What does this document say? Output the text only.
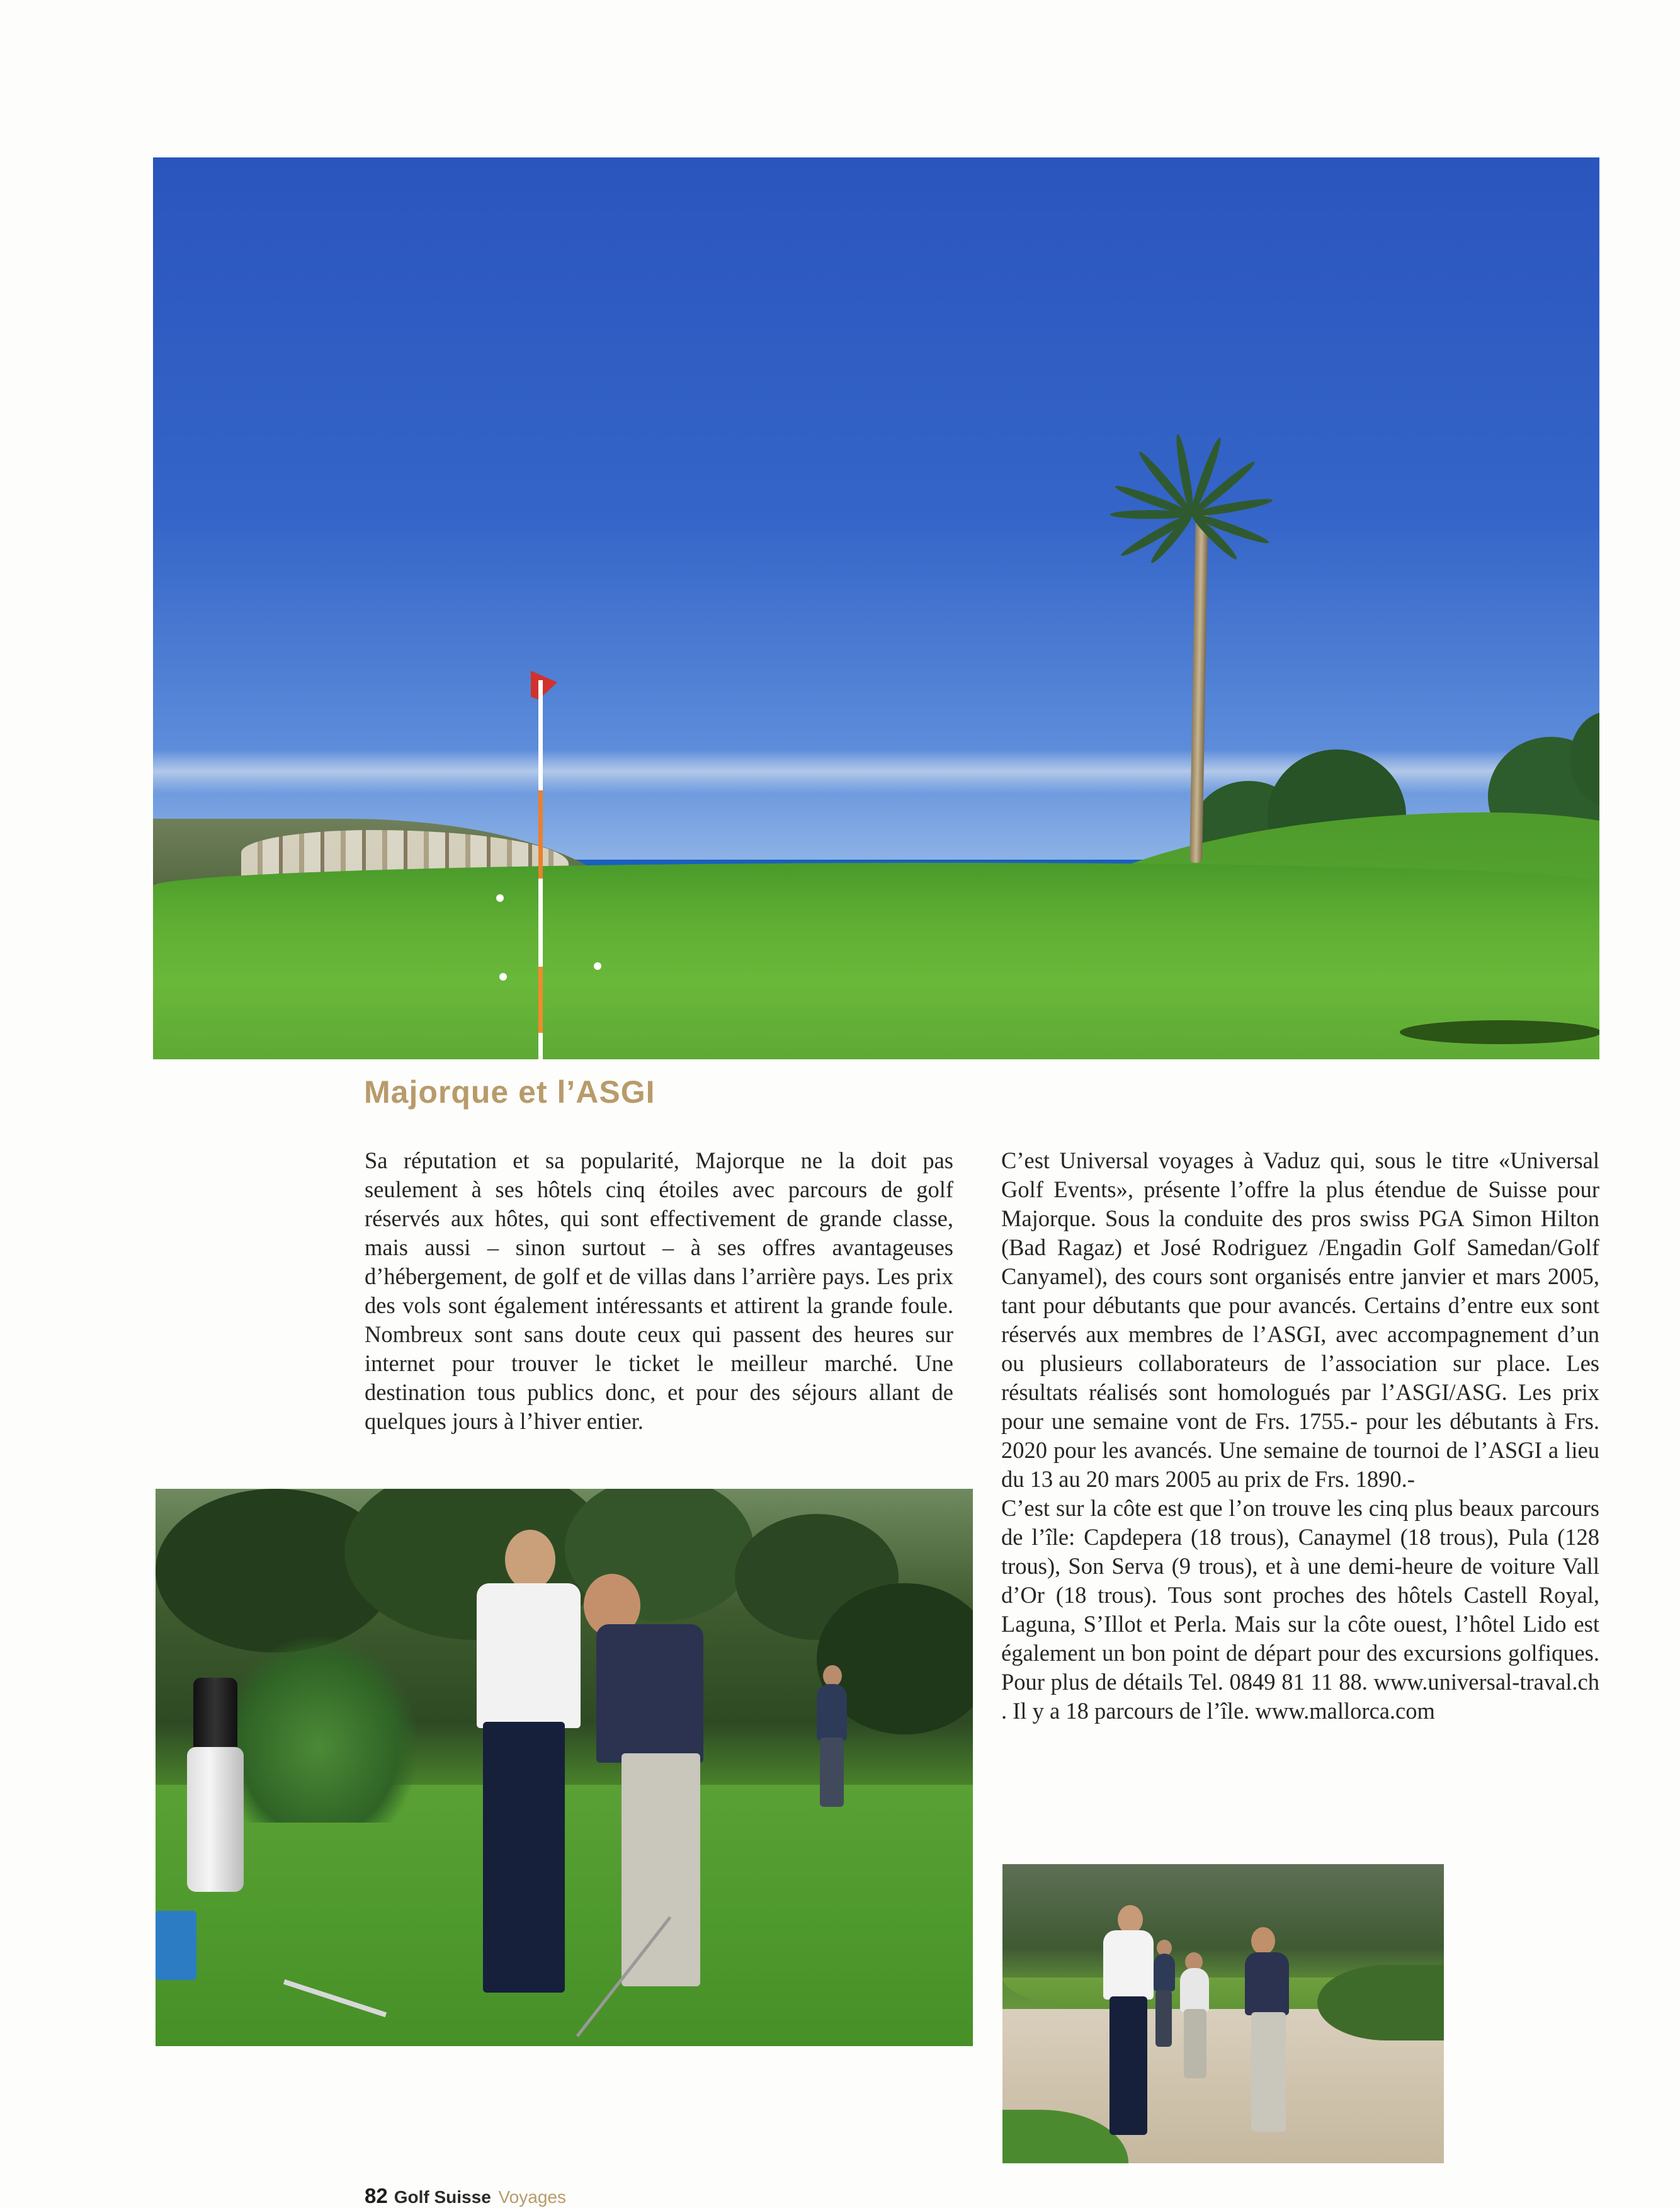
Majorque et l’ASGI

Sa réputation et sa popularité, Majorque ne la doit pas seulement à ses hôtels cinq étoiles avec parcours de golf réservés aux hôtes, qui sont effectivement de grande classe, mais aussi – sinon surtout – à ses offres avantageuses d’hébergement, de golf et de villas dans l’arrière pays. Les prix des vols sont également intéressants et attirent la grande foule. Nombreux sont sans doute ceux qui passent des heures sur internet pour trouver le ticket le meilleur marché. Une destination tous publics donc, et pour des séjours allant de quelques jours à l’hiver entier.

C’est Universal voyages à Vaduz qui, sous le titre «Universal Golf Events», présente l’offre la plus étendue de Suisse pour Majorque. Sous la conduite des pros swiss PGA Simon Hilton (Bad Ragaz) et José Rodriguez /Engadin Golf Samedan/Golf Canyamel), des cours sont organisés entre janvier et mars 2005, tant pour débutants que pour avancés. Certains d’entre eux sont réservés aux membres de l’ASGI, avec accompagnement d’un ou plusieurs collaborateurs de l’association sur place. Les résultats réalisés sont homologués par l’ASGI/ASG. Les prix pour une semaine vont de Frs. 1755.- pour les débutants à Frs. 2020 pour les avancés. Une semaine de tournoi de l’ASGI a lieu du 13 au 20 mars 2005 au prix de Frs. 1890.-

C’est sur la côte est que l’on trouve les cinq plus beaux parcours de l’île: Capdepera (18 trous), Canaymel (18 trous), Pula (128 trous), Son Serva (9 trous), et à une demi-heure de voiture Vall d’Or (18 trous). Tous sont proches des hôtels Castell Royal, Laguna, S’Illot et Perla. Mais sur la côte ouest, l’hôtel Lido est également un bon point de départ pour des excursions golfiques. Pour plus de détails Tel. 0849 81 11 88. www.universal-traval.ch . Il y a 18 parcours de l’île. www.mallorca.com

82 Golf Suisse Voyages
